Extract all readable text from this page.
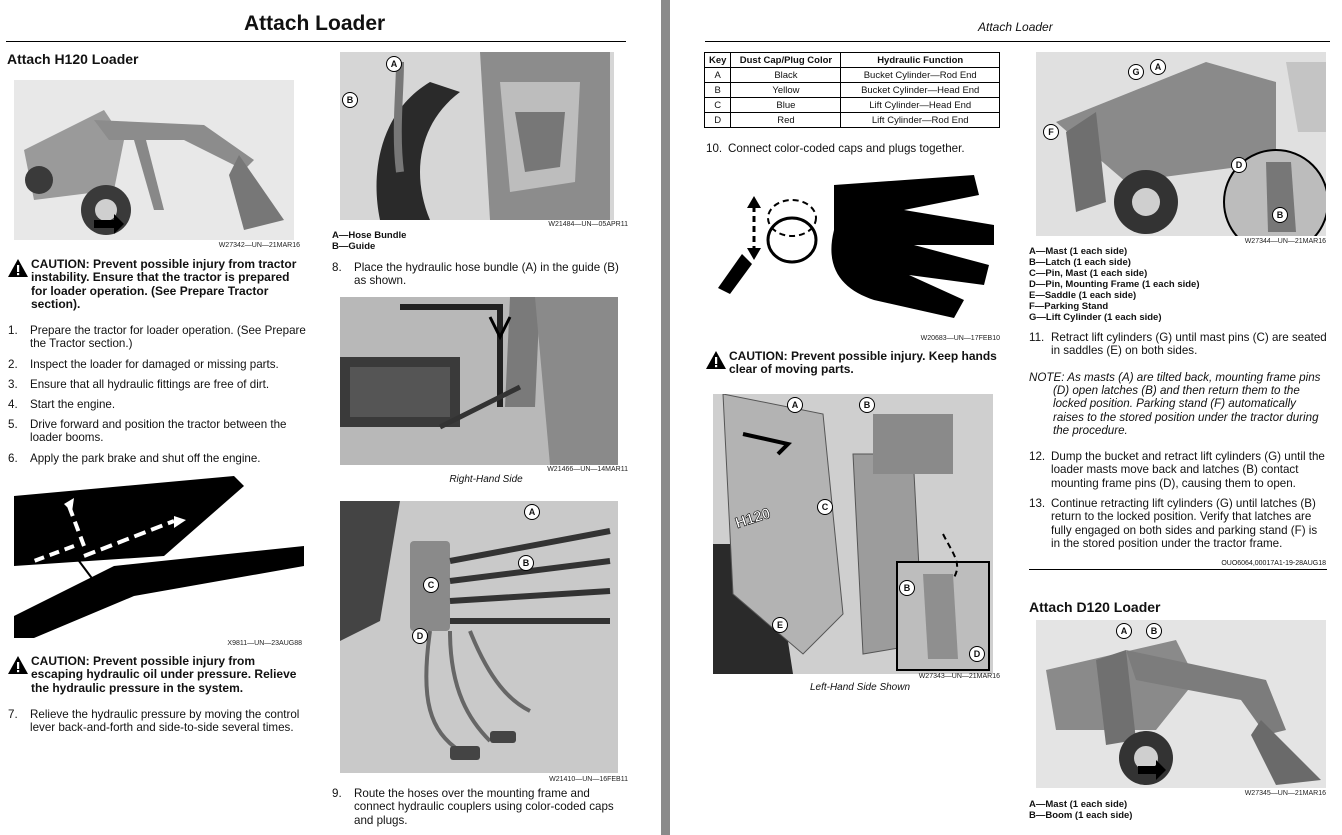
Attach Loader
Attach H120 Loader
W27342—UN—21MAR16
CAUTION: Prevent possible injury from tractor instability. Ensure that the tractor is prepared for loader operation. (See Prepare Tractor section).
1. Prepare the tractor for loader operation. (See Prepare the Tractor section.)
2. Inspect the loader for damaged or missing parts.
3. Ensure that all hydraulic fittings are free of dirt.
4. Start the engine.
5. Drive forward and position the tractor between the loader booms.
6. Apply the park brake and shut off the engine.
X9811—UN—23AUG88
CAUTION: Prevent possible injury from escaping hydraulic oil under pressure. Relieve the hydraulic pressure in the system.
7. Relieve the hydraulic pressure by moving the control lever back-and-forth and side-to-side several times.
A
B
W21484—UN—05APR11
A—Hose Bundle
B—Guide
8. Place the hydraulic hose bundle (A) in the guide (B) as shown.
W21466—UN—14MAR11
Right-Hand Side
A
B
C
D
W21410—UN—16FEB11
9. Route the hoses over the mounting frame and connect hydraulic couplers using color-coded caps and plugs.
Attach Loader
Key	Dust Cap/Plug Color	Hydraulic Function
A	Black	Bucket Cylinder—Rod End
B	Yellow	Bucket Cylinder—Head End
C	Blue	Lift Cylinder—Head End
D	Red	Lift Cylinder—Rod End
10. Connect color-coded caps and plugs together.
W20683—UN—17FEB10
CAUTION: Prevent possible injury. Keep hands clear of moving parts.
H120
A	B
C
E
B
D
W27343—UN—21MAR16
Left-Hand Side Shown
G	A
F
D
B
W27344—UN—21MAR16
A—Mast (1 each side)
B—Latch (1 each side)
C—Pin, Mast (1 each side)
D—Pin, Mounting Frame (1 each side)
E—Saddle (1 each side)
F—Parking Stand
G—Lift Cylinder (1 each side)
11. Retract lift cylinders (G) until mast pins (C) are seated in saddles (E) on both sides.
NOTE: As masts (A) are tilted back, mounting frame pins (D) open latches (B) and then return them to the locked position. Parking stand (F) automatically raises to the stored position under the tractor during the procedure.
12. Dump the bucket and retract lift cylinders (G) until the loader masts move back and latches (B) contact mounting frame pins (D), causing them to open.
13. Continue retracting lift cylinders (G) until latches (B) return to the locked position. Verify that latches are fully engaged on both sides and parking stand (F) is in the stored position under the tractor frame.
OUO6064,00017A1-19-28AUG18
Attach D120 Loader
A	B
W27345—UN—21MAR16
A—Mast (1 each side)
B—Boom (1 each side)
